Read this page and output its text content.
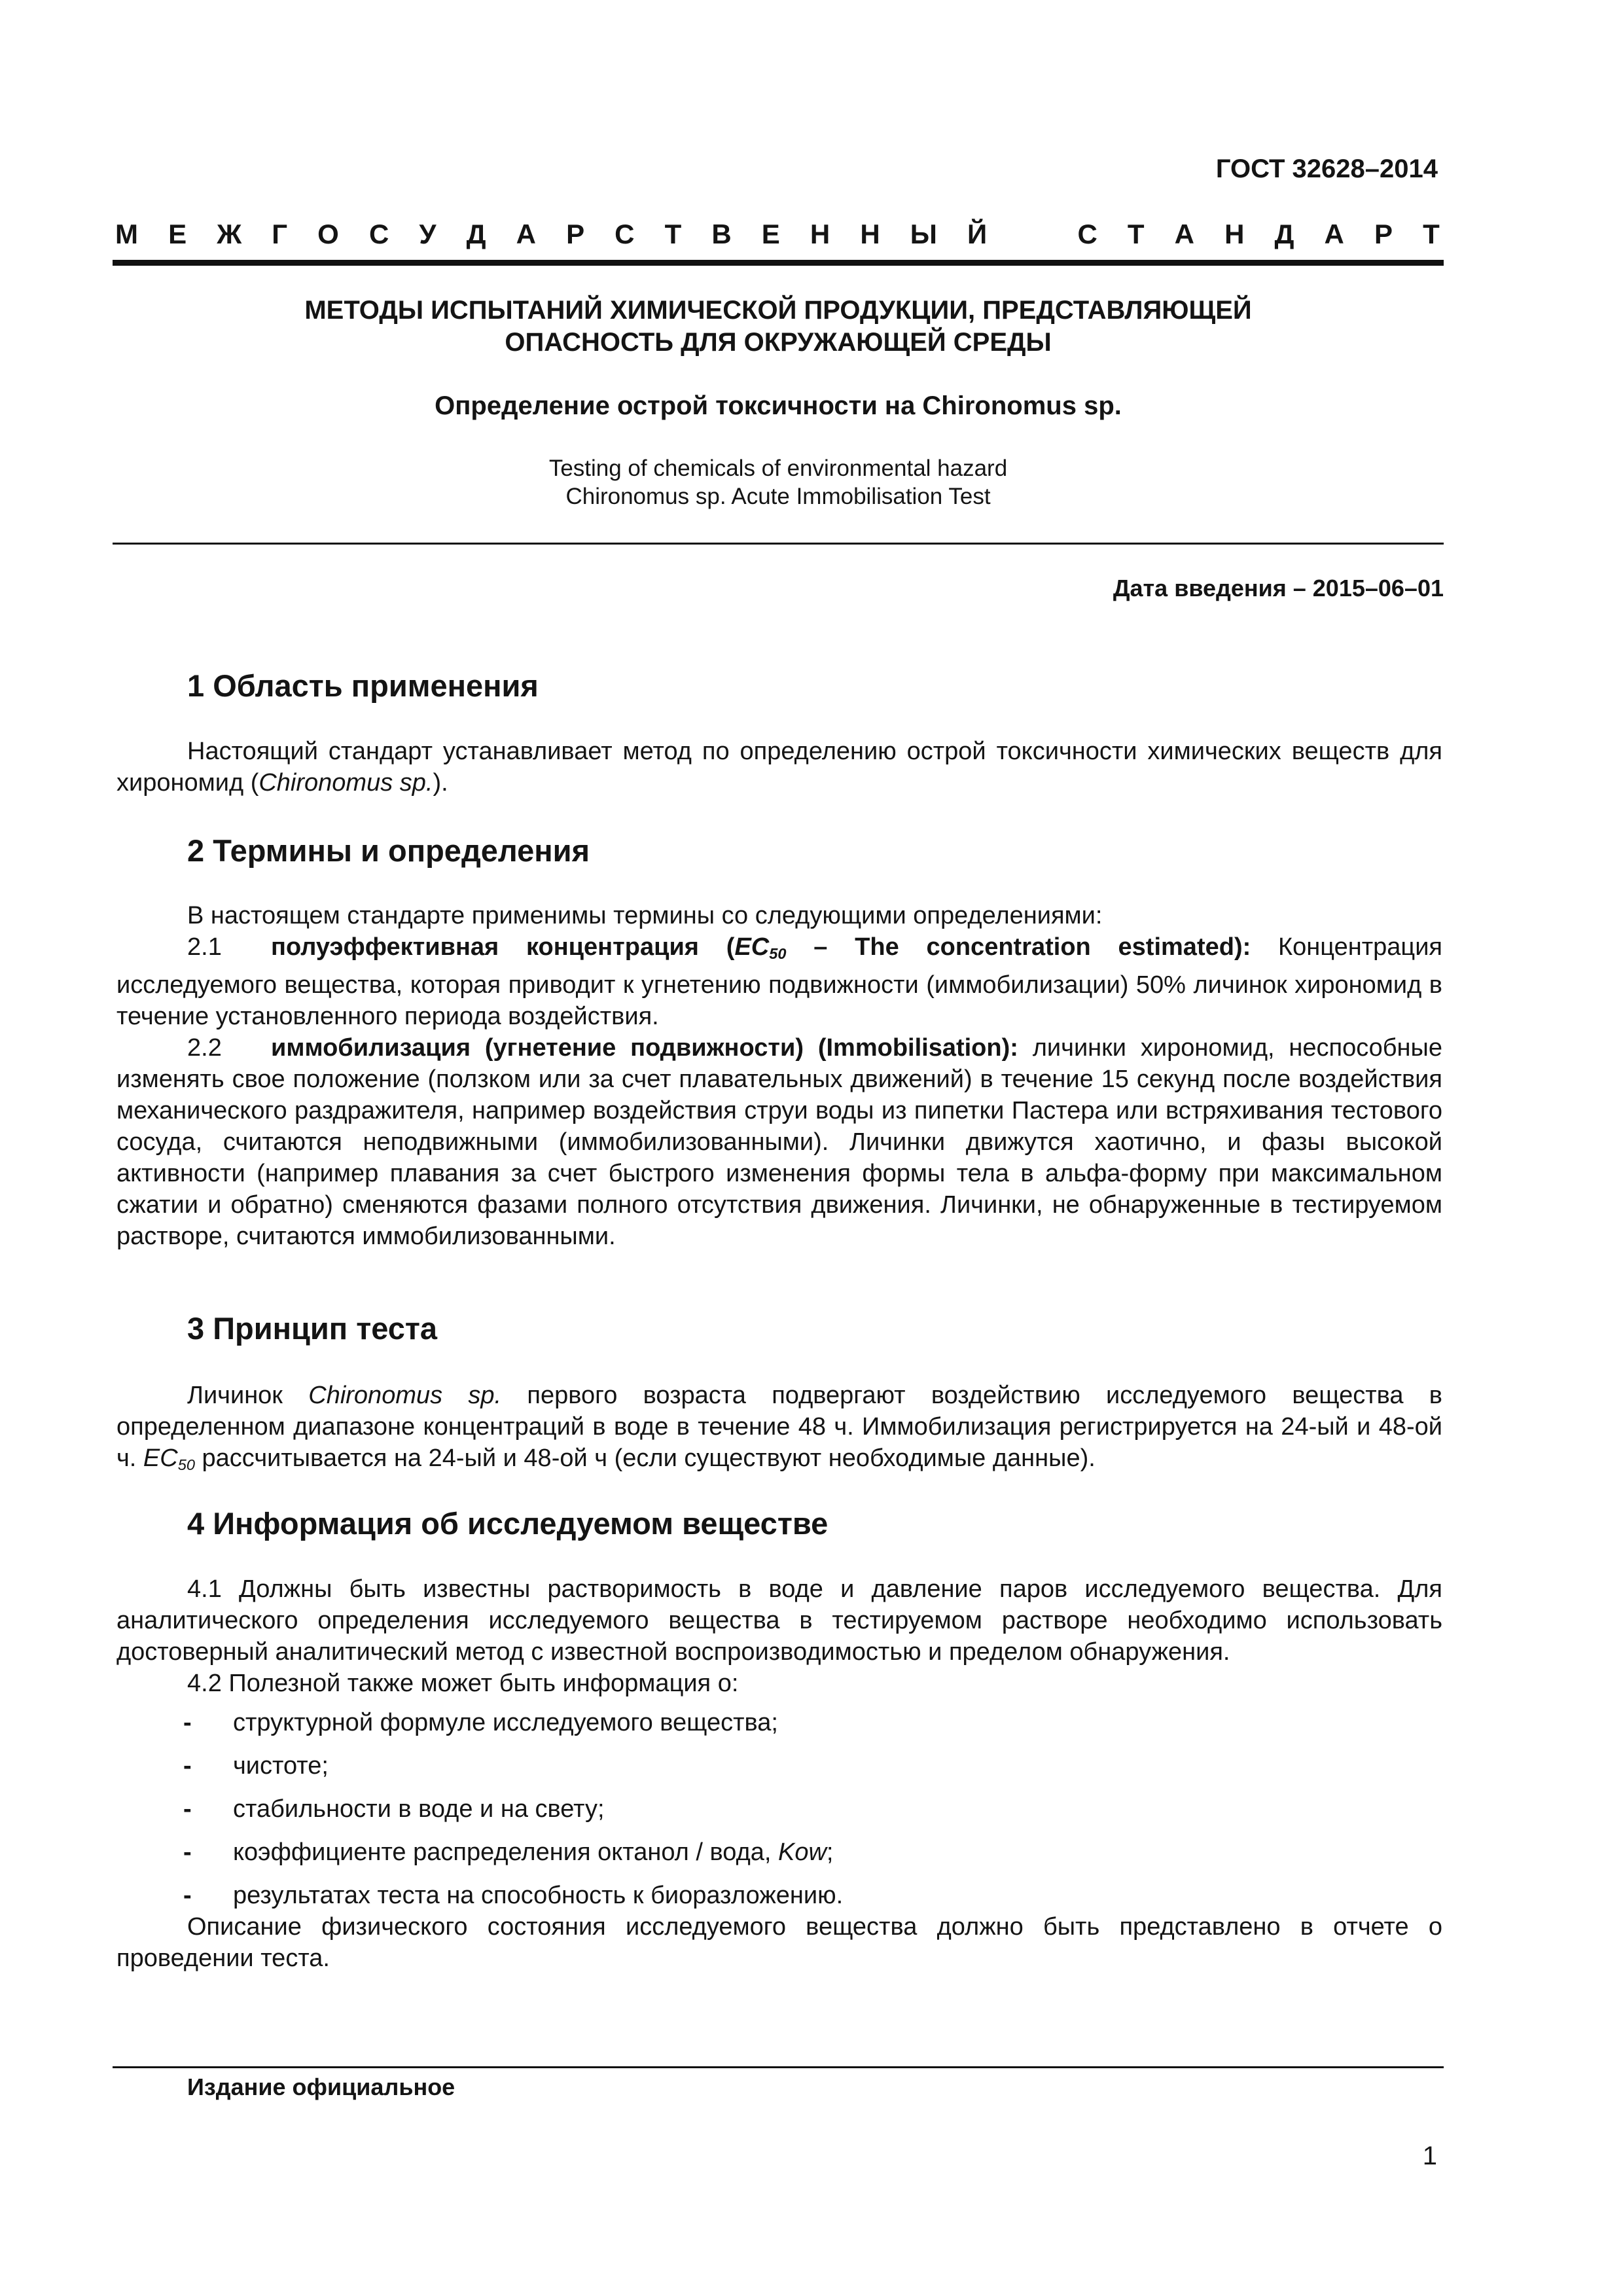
ГОСТ 32628–2014
М Е Ж Г О С У Д А Р С Т В Е Н Н Ы Й	С Т А Н Д А Р Т
МЕТОДЫ ИСПЫТАНИЙ ХИМИЧЕСКОЙ ПРОДУКЦИИ, ПРЕДСТАВЛЯЮЩЕЙ
ОПАСНОСТЬ ДЛЯ ОКРУЖАЮЩЕЙ СРЕДЫ
Определение острой токсичности на Chironomus sp.
Testing of chemicals of environmental hazard
Chironomus sp. Acute Immobilisation Test
Дата введения – 2015–06–01
1 Область применения

Настоящий стандарт устанавливает метод по определению острой токсичности химических веществ для хирономид (Chironomus sp.).

2 Термины и определения

В настоящем стандарте применимы термины со следующими определениями:

2.1 полуэффективная концентрация ($EC_{50}$ – The concentration estimated): Концентрация исследуемого вещества, которая приводит к угнетению подвижности (иммобилизации) 50% личинок хирономид в течение установленного периода воздействия.

2.2 иммобилизация (угнетение подвижности) (Immobilisation): личинки хирономид, неспособные изменять свое положение (ползком или за счет плавательных движений) в течение 15 секунд после воздействия механического раздражителя, например воздействия струи воды из пипетки Пастера или встряхивания тестового сосуда, считаются неподвижными (иммобилизованными). Личинки движутся хаотично, и фазы высокой активности (например плавания за счет быстрого изменения формы тела в альфа-форму при максимальном сжатии и обратно) сменяются фазами полного отсутствия движения. Личинки, не обнаруженные в тестируемом растворе, считаются иммобилизованными.

3 Принцип теста

Личинок Chironomus sp. первого возраста подвергают воздействию исследуемого вещества в определенном диапазоне концентраций в воде в течение 48 ч. Иммобилизация регистрируется на 24-ый и 48-ой ч. $EC_{50}$ рассчитывается на 24-ый и 48-ой ч (если существуют необходимые данные).

4 Информация об исследуемом веществе

4.1 Должны быть известны растворимость в воде и давление паров исследуемого вещества. Для аналитического определения исследуемого вещества в тестируемом растворе необходимо использовать достоверный аналитический метод с известной воспроизводимостью и пределом обнаружения.

4.2 Полезной также может быть информация о:

- структурной формуле исследуемого вещества;

- чистоте;

- стабильности в воде и на свету;

- коэффициенте распределения октанол / вода, Kow;

- результатах теста на способность к биоразложению.

Описание физического состояния исследуемого вещества должно быть представлено в отчете о проведении теста.

Издание официальное
1
